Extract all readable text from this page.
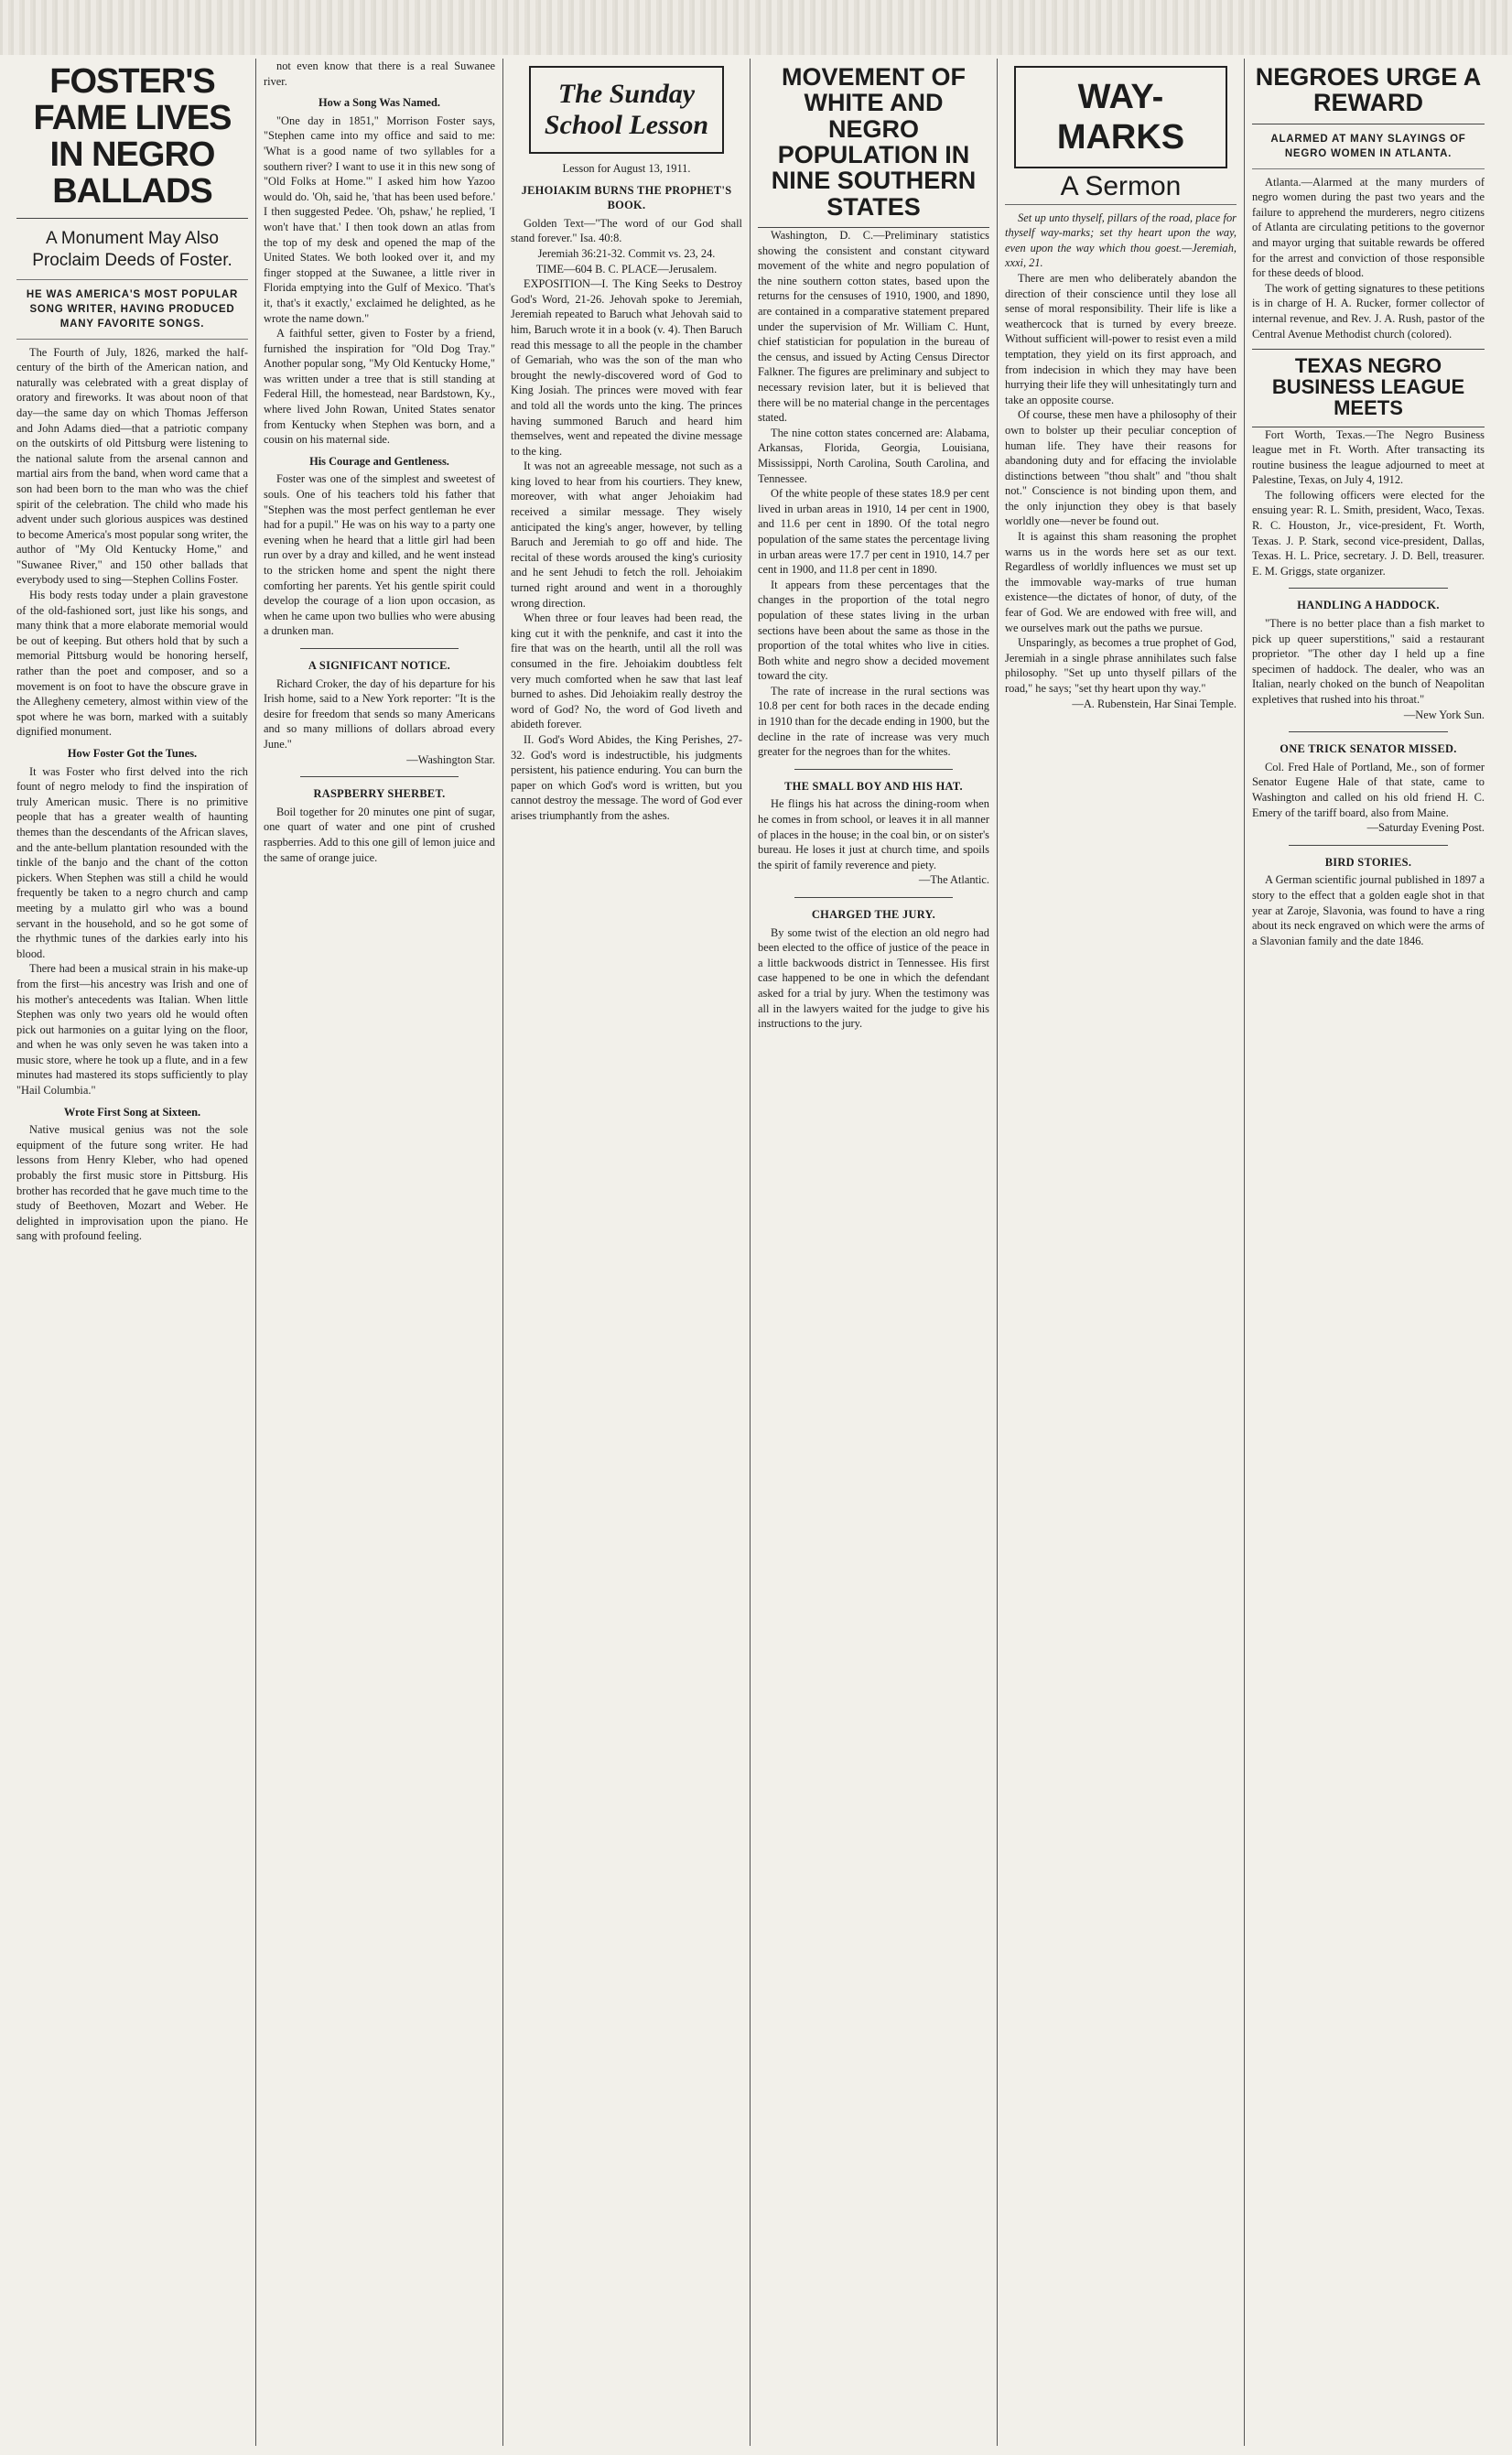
FOSTER'S FAME LIVES IN NEGRO BALLADS
A Monument May Also Proclaim Deeds of Foster.
HE WAS AMERICA'S MOST POPULAR SONG WRITER, HAVING PRODUCED MANY FAVORITE SONGS.

The Fourth of July, 1826, marked the half-century of the birth of the American nation, and naturally was celebrated with a great display of oratory and fireworks. It was about noon of that day—the same day on which Thomas Jefferson and John Adams died—that a patriotic company on the outskirts of old Pittsburg were listening to the national salute from the arsenal cannon and martial airs from the band, when word came that a son had been born to the man who was the chief spirit of the celebration. The child who made his advent under such glorious auspices was destined to become America's most popular song writer, the author of "My Old Kentucky Home," and "Suwanee River," and 150 other ballads that everybody used to sing—Stephen Collins Foster.

His body rests today under a plain gravestone of the old-fashioned sort, just like his songs, and many think that a more elaborate memorial would be out of keeping. But others hold that by such a memorial Pittsburg would be honoring herself, rather than the poet and composer, and so a movement is on foot to have the obscure grave in the Allegheny cemetery, almost within view of the spot where he was born, marked with a suitably dignified monument.

How Foster Got the Tunes.

It was Foster who first delved into the rich fount of negro melody to find the inspiration of truly American music. There is no primitive people that has a greater wealth of haunting themes than the descendants of the African slaves, and the ante-bellum plantation resounded with the tinkle of the banjo and the chant of the cotton pickers. When Stephen was still a child he would frequently be taken to a negro church and camp meeting by a mulatto girl who was a bound servant in the household, and so he got some of the rhythmic tunes of the darkies early into his blood.

There had been a musical strain in his make-up from the first—his ancestry was Irish and one of his mother's antecedents was Italian. When little Stephen was only two years old he would often pick out harmonies on a guitar lying on the floor, and when he was only seven he was taken into a music store, where he took up a flute, and in a few minutes had mastered its stops sufficiently to play "Hail Columbia."

Wrote First Song at Sixteen.

Native musical genius was not the sole equipment of the future song writer. He had lessons from Henry Kleber, who had opened probably the first music store in Pittsburg. His brother has recorded that he gave much time to the study of Beethoven, Mozart and Weber. He delighted in improvisation upon the piano. He sang with profound feeling.

not even know that there is a real Suwanee river.

How a Song Was Named.

"One day in 1851," Morrison Foster says, "Stephen came into my office and said to me: 'What is a good name of two syllables for a southern river? I want to use it in this new song of "Old Folks at Home."' I asked him how Yazoo would do. 'Oh, said he, 'that has been used before.' I then suggested Pedee. 'Oh, pshaw,' he replied, 'I won't have that.' I then took down an atlas from the top of my desk and opened the map of the United States. We both looked over it, and my finger stopped at the Suwanee, a little river in Florida emptying into the Gulf of Mexico. 'That's it, that's it exactly,' exclaimed he delighted, as he wrote the name down."

A faithful setter, given to Foster by a friend, furnished the inspiration for "Old Dog Tray." Another popular song, "My Old Kentucky Home," was written under a tree that is still standing at Federal Hill, the homestead, near Bardstown, Ky., where lived John Rowan, United States senator from Kentucky when Stephen was born, and a cousin on his maternal side.

His Courage and Gentleness.

Foster was one of the simplest and sweetest of souls. One of his teachers told his father that "Stephen was the most perfect gentleman he ever had for a pupil." He was on his way to a party one evening when he heard that a little girl had been run over by a dray and killed, and he went instead to the stricken home and spent the night there comforting her parents. Yet his gentle spirit could develop the courage of a lion upon occasion, as when he came upon two bullies who were abusing a drunken man.

A SIGNIFICANT NOTICE.

Richard Croker, the day of his departure for his Irish home, said to a New York reporter: "It is the desire for freedom that sends so many Americans and so many millions of dollars abroad every June."

—Washington Star.

RASPBERRY SHERBET.

Boil together for 20 minutes one pint of sugar, one quart of water and one pint of crushed raspberries. Add to this one gill of lemon juice and the same of orange juice.

The Sunday School Lesson

Lesson for August 13, 1911.

JEHOIAKIM BURNS THE PROPHET'S BOOK.

Golden Text—"The word of our God shall stand forever." Isa. 40:8.

Jeremiah 36:21-32. Commit vs. 23, 24.

TIME—604 B. C. PLACE—Jerusalem.

EXPOSITION—I. The King Seeks to Destroy God's Word, 21-26. Jehovah spoke to Jeremiah, Jeremiah repeated to Baruch what Jehovah said to him, Baruch wrote it in a book (v. 4). Then Baruch read this message to all the people in the chamber of Gemariah, who was the son of the man who brought the newly-discovered word of God to King Josiah. The princes were moved with fear and told all the words unto the king. The princes having summoned Baruch and heard him themselves, went and repeated the divine message to the king.

It was not an agreeable message, not such as a king loved to hear from his courtiers. They knew, moreover, with what anger Jehoiakim had received a similar message. They wisely anticipated the king's anger, however, by telling Baruch and Jeremiah to go off and hide. The recital of these words aroused the king's curiosity and he sent Jehudi to fetch the roll. Jehoiakim turned right around and went in a thoroughly wrong direction.

When three or four leaves had been read, the king cut it with the penknife, and cast it into the fire that was on the hearth, until all the roll was consumed in the fire. Jehoiakim doubtless felt very much comforted when he saw that last leaf burned to ashes. Did Jehoiakim really destroy the word of God? No, the word of God liveth and abideth forever.

II. God's Word Abides, the King Perishes, 27-32. God's word is indestructible, his judgments persistent, his patience enduring. You can burn the paper on which God's word is written, but you cannot destroy the message. The word of God ever arises triumphantly from the ashes.

MOVEMENT OF WHITE AND NEGRO POPULATION IN NINE SOUTHERN STATES

Washington, D. C.—Preliminary statistics showing the consistent and constant cityward movement of the white and negro population of the nine southern cotton states, based upon the returns for the censuses of 1910, 1900, and 1890, are contained in a comparative statement prepared under the supervision of Mr. William C. Hunt, chief statistician for population in the bureau of the census, and issued by Acting Census Director Falkner. The figures are preliminary and subject to necessary revision later, but it is believed that there will be no material change in the percentages stated.

The nine cotton states concerned are: Alabama, Arkansas, Florida, Georgia, Louisiana, Mississippi, North Carolina, South Carolina, and Tennessee.

Of the white people of these states 18.9 per cent lived in urban areas in 1910, 14 per cent in 1900, and 11.6 per cent in 1890. Of the total negro population of the same states the percentage living in urban areas were 17.7 per cent in 1910, 14.7 per cent in 1900, and 11.8 per cent in 1890.

It appears from these percentages that the changes in the proportion of the total negro population of these states living in the urban sections have been about the same as those in the proportion of the total whites who live in cities. Both white and negro show a decided movement toward the city.

The rate of increase in the rural sections was 10.8 per cent for both races in the decade ending in 1910 than for the decade ending in 1900, but the decline in the rate of increase was very much greater for the negroes than for the whites.

THE SMALL BOY AND HIS HAT.

He flings his hat across the dining-room when he comes in from school, or leaves it in all manner of places in the house; in the coal bin, or on sister's bureau. He loses it just at church time, and spoils the spirit of family reverence and piety.

—The Atlantic.

CHARGED THE JURY.

By some twist of the election an old negro had been elected to the office of justice of the peace in a little backwoods district in Tennessee. His first case happened to be one in which the defendant asked for a trial by jury. When the testimony was all in the lawyers waited for the judge to give his instructions to the jury.

WAY-MARKS
A Sermon

Set up unto thyself, pillars of the road, place for thyself way-marks; set thy heart upon the way, even upon the way which thou goest.—Jeremiah, xxxi, 21.

There are men who deliberately abandon the direction of their conscience until they lose all sense of moral responsibility. Their life is like a weathercock that is turned by every breeze. Without sufficient will-power to resist even a mild temptation, they yield on its first approach, and from indecision in which they may have been hurrying their life they will unhesitatingly turn and take an opposite course.

Of course, these men have a philosophy of their own to bolster up their peculiar conception of human life. They have their reasons for abandoning duty and for effacing the inviolable distinctions between "thou shalt" and "thou shalt not." Conscience is not binding upon them, and the only injunction they obey is that basely worldly one—never be found out.

It is against this sham reasoning the prophet warns us in the words here set as our text. Regardless of worldly influences we must set up the immovable way-marks of true human existence—the dictates of honor, of duty, of the fear of God. We are endowed with free will, and we ourselves mark out the paths we pursue.

Unsparingly, as becomes a true prophet of God, Jeremiah in a single phrase annihilates such false philosophy. "Set up unto thyself pillars of the road," he says; "set thy heart upon thy way."

—A. Rubenstein, Har Sinai Temple.

NEGROES URGE A REWARD
ALARMED AT MANY SLAYINGS OF NEGRO WOMEN IN ATLANTA.

Atlanta.—Alarmed at the many murders of negro women during the past two years and the failure to apprehend the murderers, negro citizens of Atlanta are circulating petitions to the governor and mayor urging that suitable rewards be offered for the arrest and conviction of those responsible for these deeds of blood.

The work of getting signatures to these petitions is in charge of H. A. Rucker, former collector of internal revenue, and Rev. J. A. Rush, pastor of the Central Avenue Methodist church (colored).

TEXAS NEGRO BUSINESS LEAGUE MEETS

Fort Worth, Texas.—The Negro Business league met in Ft. Worth. After transacting its routine business the league adjourned to meet at Palestine, Texas, on July 4, 1912.

The following officers were elected for the ensuing year: R. L. Smith, president, Waco, Texas. R. C. Houston, Jr., vice-president, Ft. Worth, Texas. J. P. Stark, second vice-president, Dallas, Texas. H. L. Price, secretary. J. D. Bell, treasurer. E. M. Griggs, state organizer.

HANDLING A HADDOCK.

"There is no better place than a fish market to pick up queer superstitions," said a restaurant proprietor. "The other day I held up a fine specimen of haddock. The dealer, who was an Italian, nearly choked on the bunch of Neapolitan expletives that rushed into his throat."

—New York Sun.

ONE TRICK SENATOR MISSED.

Col. Fred Hale of Portland, Me., son of former Senator Eugene Hale of that state, came to Washington and called on his old friend H. C. Emery of the tariff board, also from Maine.

—Saturday Evening Post.

BIRD STORIES.

A German scientific journal published in 1897 a story to the effect that a golden eagle shot in that year at Zaroje, Slavonia, was found to have a ring about its neck engraved on which were the arms of a Slavonian family and the date 1846.
